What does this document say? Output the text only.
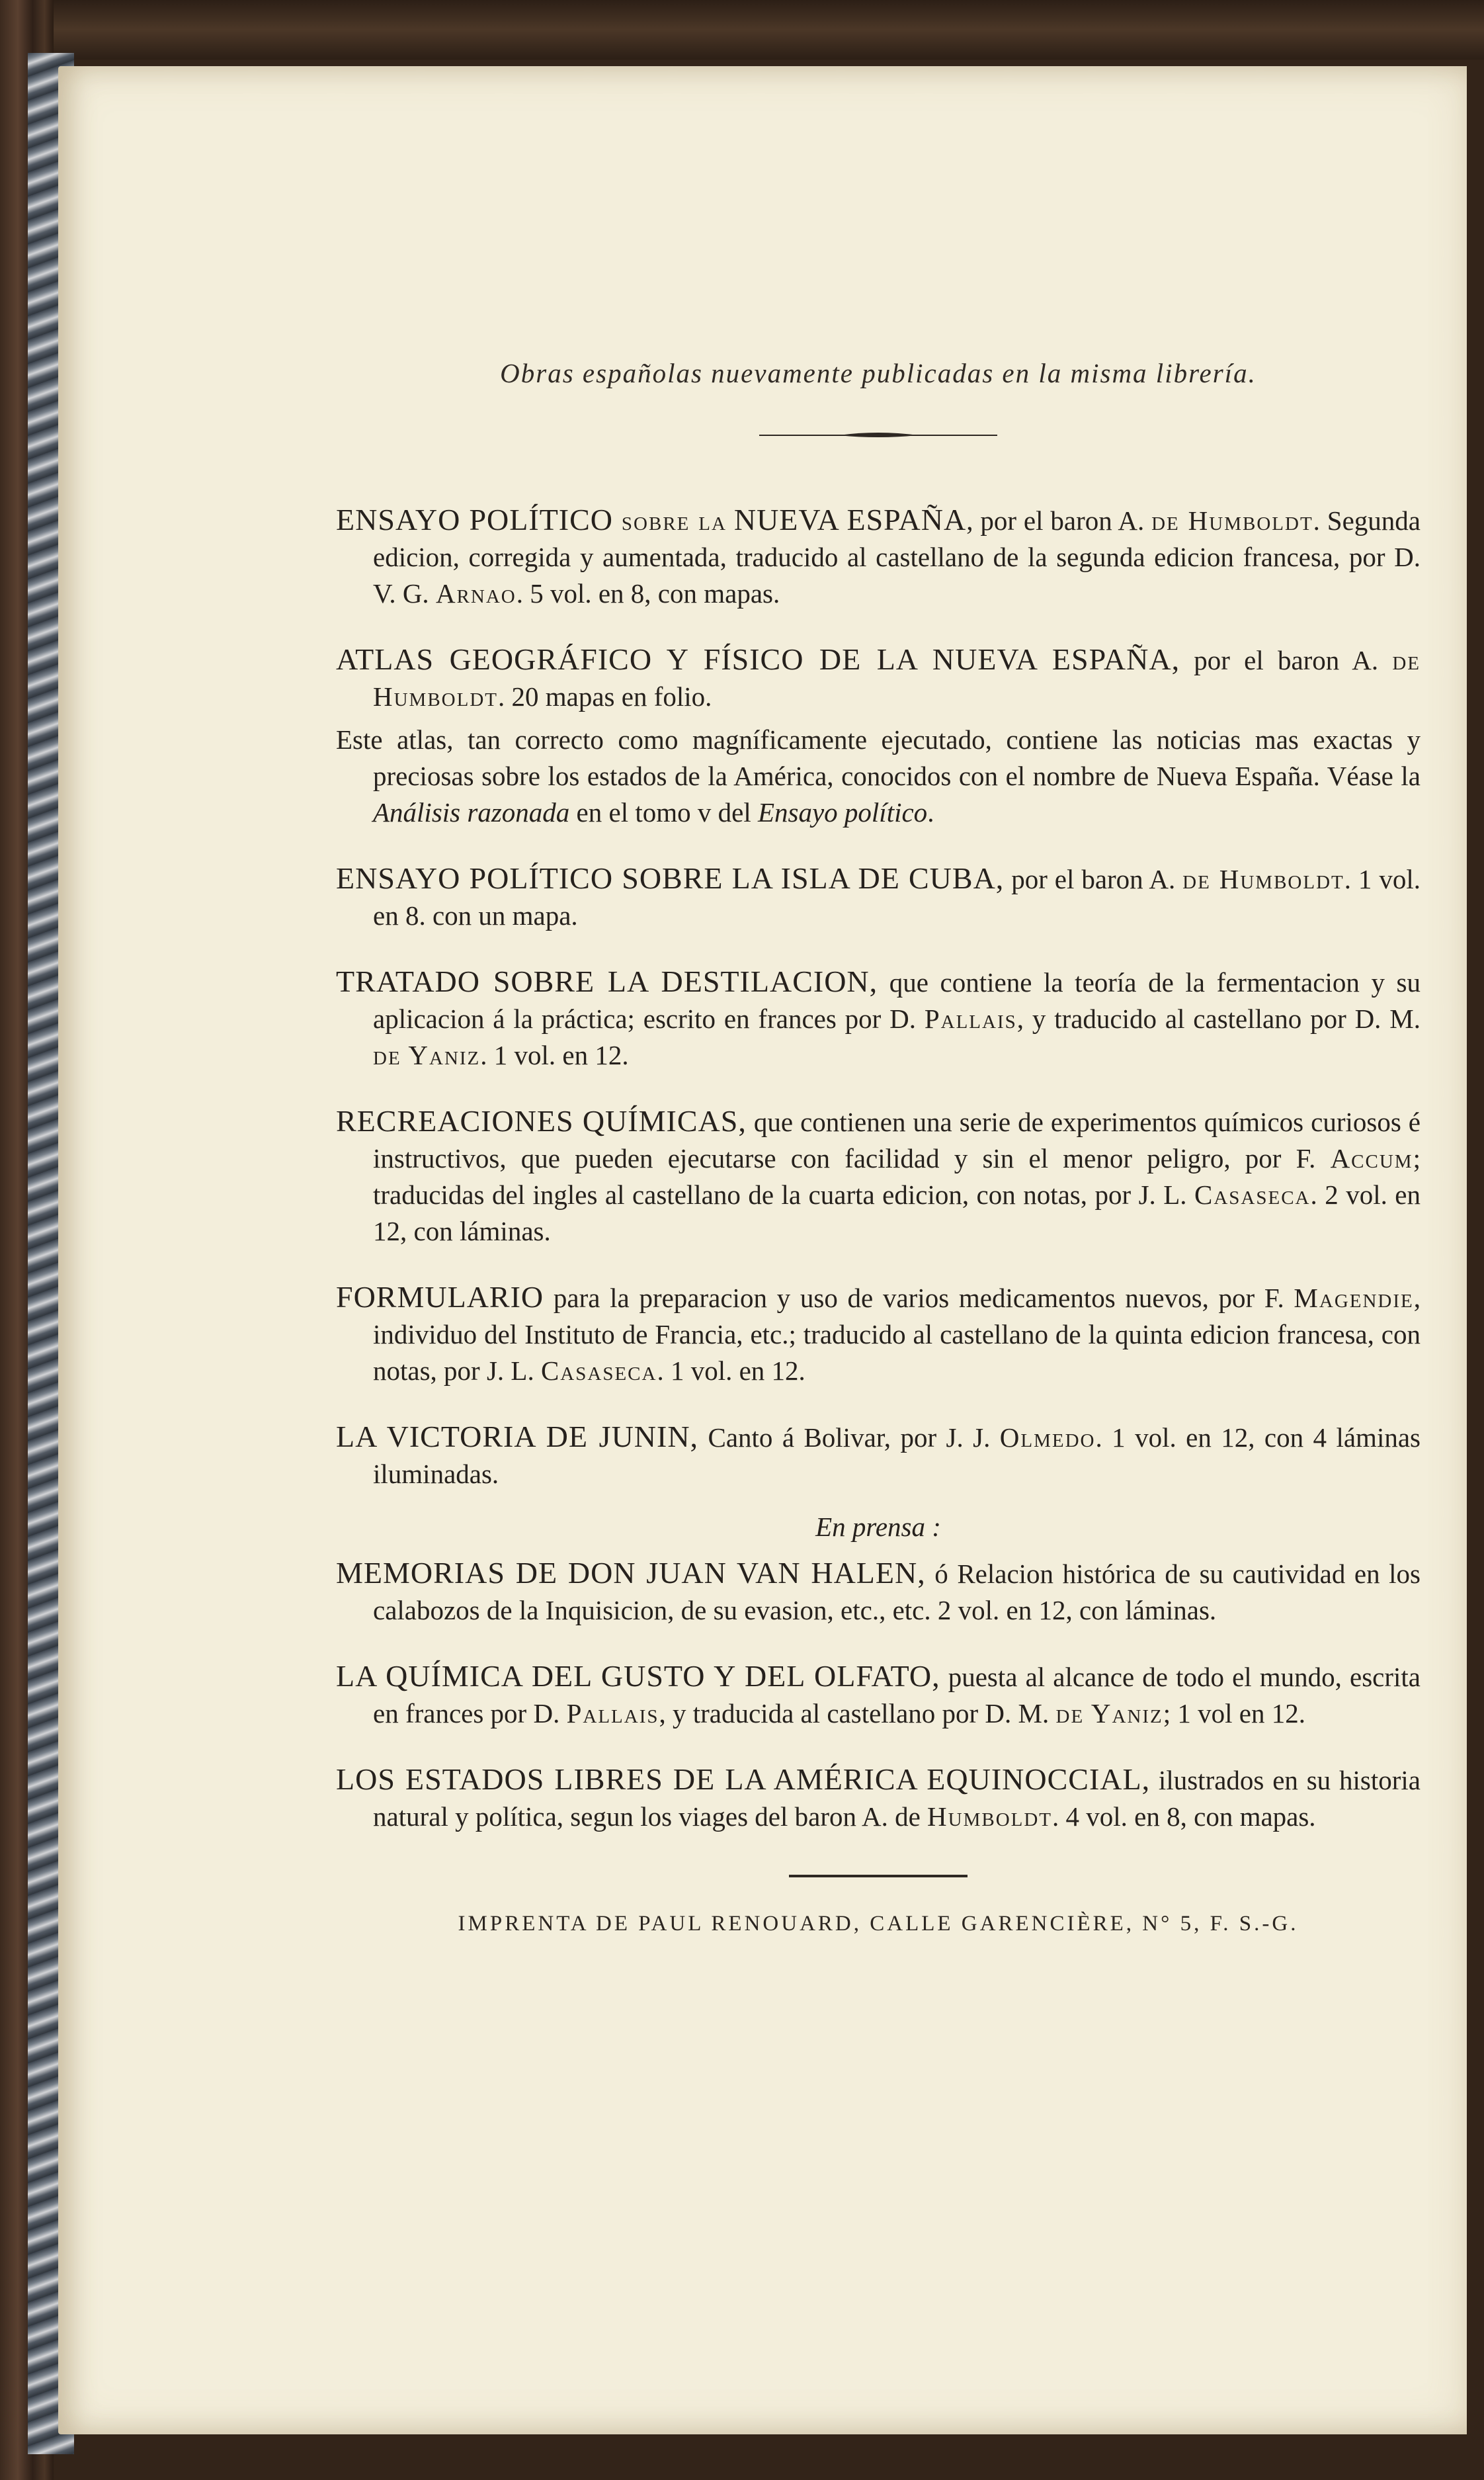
Obras españolas nuevamente publicadas en la misma librería.

ENSAYO POLÍTICO sobre la NUEVA ESPAÑA, por el baron A. de Humboldt. Segunda edicion, corregida y aumentada, traducido al castellano de la segunda edicion francesa, por D. V. G. Arnao. 5 vol. en 8, con mapas.

ATLAS GEOGRÁFICO Y FÍSICO DE LA NUEVA ESPAÑA, por el baron A. de Humboldt. 20 mapas en folio.

Este atlas, tan correcto como magníficamente ejecutado, contiene las noticias mas exactas y preciosas sobre los estados de la América, conocidos con el nombre de Nueva España. Véase la Análisis razonada en el tomo v del Ensayo político.

ENSAYO POLÍTICO SOBRE LA ISLA DE CUBA, por el baron A. de Humboldt. 1 vol. en 8. con un mapa.

TRATADO SOBRE LA DESTILACION, que contiene la teoría de la fermentacion y su aplicacion á la práctica; escrito en frances por D. Pallais, y traducido al castellano por D. M. de Yaniz. 1 vol. en 12.

RECREACIONES QUÍMICAS, que contienen una serie de experimentos químicos curiosos é instructivos, que pueden ejecutarse con facilidad y sin el menor peligro, por F. Accum; traducidas del ingles al castellano de la cuarta edicion, con notas, por J. L. Casaseca. 2 vol. en 12, con láminas.

FORMULARIO para la preparacion y uso de varios medicamentos nuevos, por F. Magendie, individuo del Instituto de Francia, etc.; traducido al castellano de la quinta edicion francesa, con notas, por J. L. Casaseca. 1 vol. en 12.

LA VICTORIA DE JUNIN, Canto á Bolivar, por J. J. Olmedo. 1 vol. en 12, con 4 láminas iluminadas.

En prensa :

MEMORIAS DE DON JUAN VAN HALEN, ó Relacion histórica de su cautividad en los calabozos de la Inquisicion, de su evasion, etc., etc. 2 vol. en 12, con láminas.

LA QUÍMICA DEL GUSTO Y DEL OLFATO, puesta al alcance de todo el mundo, escrita en frances por D. Pallais, y traducida al castellano por D. M. de Yaniz; 1 vol en 12.

LOS ESTADOS LIBRES DE LA AMÉRICA EQUINOCCIAL, ilustrados en su historia natural y política, segun los viages del baron A. de Humboldt. 4 vol. en 8, con mapas.

IMPRENTA DE PAUL RENOUARD, CALLE GARENCIÈRE, N° 5, F. S.-G.
